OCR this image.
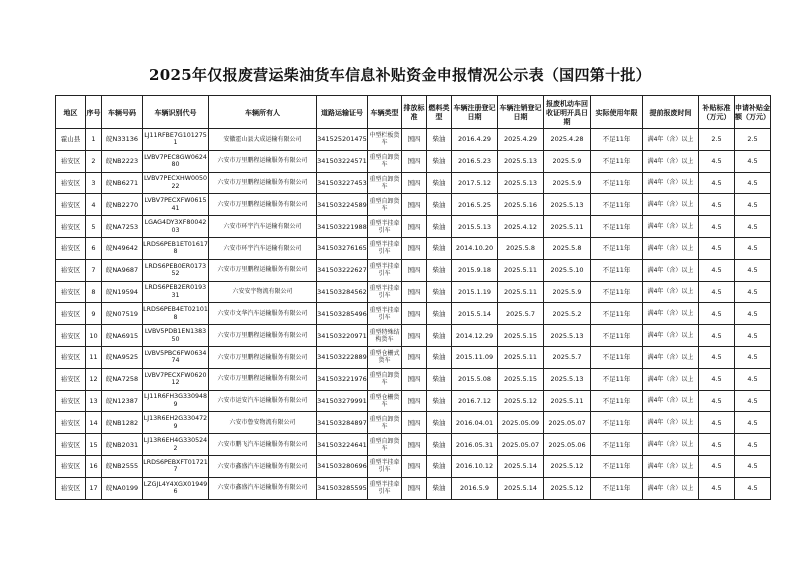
2025年仅报废营运柴油货车信息补贴资金申报情况公示表（国四第十批）
地区	序号	车辆号码	车辆识别代号	车辆所有人	道路运输证号	车辆类型	排放标准	燃料类型	车辆注册登记日期	车辆注销登记日期	报废机动车回收证明开具日期	实际使用年限	提前报废时间	补贴标准（万元）	申请补贴金额（万元）
霍山县	1	皖N33136	LJ11RFBE7G1012751	安徽霍山县大成运输有限公司	341525201475	中型栏板货车	国四	柴油	2016.4.29	2025.4.29	2025.4.28	不足11年	满4年（含）以上	2.5	2.5
裕安区	2	皖NB2223	LVBV7PEC8GW062480	六安市万里鹏程运输服务有限公司	341503224571	重型自卸货车	国四	柴油	2016.5.23	2025.5.13	2025.5.9	不足11年	满4年（含）以上	4.5	4.5
裕安区	3	皖NB6271	LVBV7PECXHW005022	六安市万里鹏程运输服务有限公司	341503227453	重型自卸货车	国四	柴油	2017.5.12	2025.5.13	2025.5.9	不足11年	满4年（含）以上	4.5	4.5
裕安区	4	皖NB2270	LVBV7PECXFW061541	六安市万里鹏程运输服务有限公司	341503224589	重型自卸货车	国四	柴油	2016.5.25	2025.5.16	2025.5.13	不足11年	满4年（含）以上	4.5	4.5
裕安区	5	皖NA7253	LGAG4DY3XF8004203	六安市环宇汽车运输有限公司	341503221988	重型半挂牵引车	国四	柴油	2015.5.13	2025.4.12	2025.5.11	不足11年	满4年（含）以上	4.5	4.5
裕安区	6	皖N49642	LRDS6PEB1ET016178	六安市环宇汽车运输有限公司	341503276165	重型半挂牵引车	国四	柴油	2014.10.20	2025.5.8	2025.5.8	不足11年	满4年（含）以上	4.5	4.5
裕安区	7	皖NA9687	LRDS6PEB0ER017352	六安市万里鹏程运输服务有限公司	341503222627	重型半挂牵引车	国四	柴油	2015.9.18	2025.5.11	2025.5.10	不足11年	满4年（含）以上	4.5	4.5
裕安区	8	皖N19594	LRDS6PEB2ER019331	六安安宇物流有限公司	341503284562	重型半挂牵引车	国四	柴油	2015.1.19	2025.5.11	2025.5.9	不足11年	满4年（含）以上	4.5	4.5
裕安区	9	皖N07519	LRDS6PEB4ET021018	六安市文华汽车运输服务有限公司	341503285496	重型半挂牵引车	国四	柴油	2015.5.14	2025.5.7	2025.5.2	不足11年	满4年（含）以上	4.5	4.5
裕安区	10	皖NA6915	LVBV5PDB1EN138350	六安市万里鹏程运输服务有限公司	341503220971	重型特殊结构货车	国四	柴油	2014.12.29	2025.5.15	2025.5.13	不足11年	满4年（含）以上	4.5	4.5
裕安区	11	皖NA9525	LVBV5PBC6FW063474	六安市万里鹏程运输服务有限公司	341503222889	重型仓栅式货车	国四	柴油	2015.11.09	2025.5.11	2025.5.7	不足11年	满4年（含）以上	4.5	4.5
裕安区	12	皖NA7258	LVBV7PECXFW062012	六安市万里鹏程运输服务有限公司	341503221976	重型自卸货车	国四	柴油	2015.5.08	2025.5.15	2025.5.13	不足11年	满4年（含）以上	4.5	4.5
裕安区	13	皖N12387	LJ11R6FH3G3309489	六安市运安汽车运输服务有限公司	341503279991	重型仓栅货车	国四	柴油	2016.7.12	2025.5.12	2025.5.11	不足11年	满4年（含）以上	4.5	4.5
裕安区	14	皖NB1282	LJ13R6EH2G3304729	六安市鲁安物流有限公司	341503284897	重型自卸货车	国四	柴油	2016.04.01	2025.05.09	2025.05.07	不足11年	满4年（含）以上	4.5	4.5
裕安区	15	皖NB2031	LJ13R6EH4G3305242	六安市鹏飞汽车运输服务有限公司	341503224641	重型自卸货车	国四	柴油	2016.05.31	2025.05.07	2025.05.06	不足11年	满4年（含）以上	4.5	4.5
裕安区	16	皖NB2555	LRDS6PEBXFT017217	六安市鑫盛汽车运输服务有限公司	341503280696	重型半挂牵引车	国四	柴油	2016.10.12	2025.5.14	2025.5.12	不足11年	满4年（含）以上	4.5	4.5
裕安区	17	皖NA0199	LZGJL4Y4XGX019496	六安市鑫盛汽车运输服务有限公司	341503285595	重型半挂牵引车	国四	柴油	2016.5.9	2025.5.14	2025.5.12	不足11年	满4年（含）以上	4.5	4.5
